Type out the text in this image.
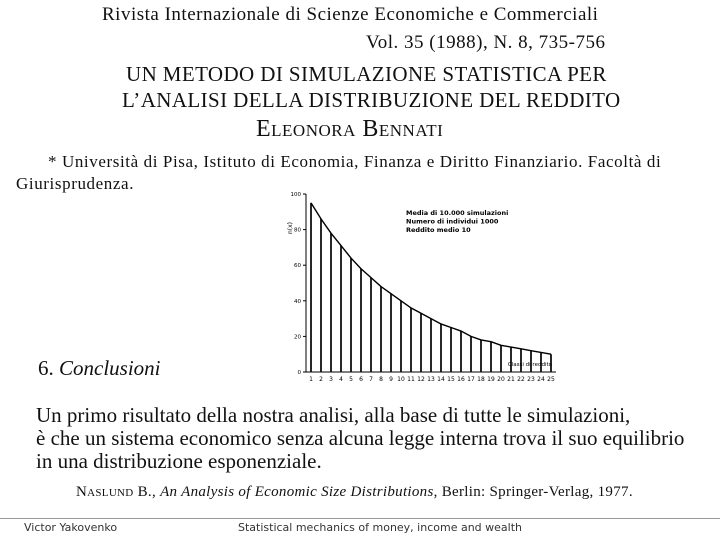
Rivista Internazionale di Scienze Economiche e Commerciali
Vol. 35 (1988), N. 8, 735-756
UN METODO DI SIMULAZIONE STATISTICA PER
L’ANALISI DELLA DISTRIBUZIONE DEL REDDITO
Eleonora Bennati
* Università di Pisa, Istituto di Economia, Finanza e Diritto Finanziario. Facoltà di
Giurisprudenza.
0
20
40
60
80
100
n(x)
1 2 3 4 5 6 7 8 9 10 11 12 13 14 15 16 17 18 19 20 21 22 23 24 25
Classi di reddito
Media di 10.000 simulazioni
Numero di individui 1000
Reddito medio 10
6. Conclusioni
Un primo risultato della nostra analisi, alla base di tutte le simulazioni,
è che un sistema economico senza alcuna legge interna trova il suo equilibrio
in una distribuzione esponenziale.
Naslund B., An Analysis of Economic Size Distributions, Berlin: Springer-Verlag, 1977.
Victor Yakovenko	Statistical mechanics of money, income and wealth
